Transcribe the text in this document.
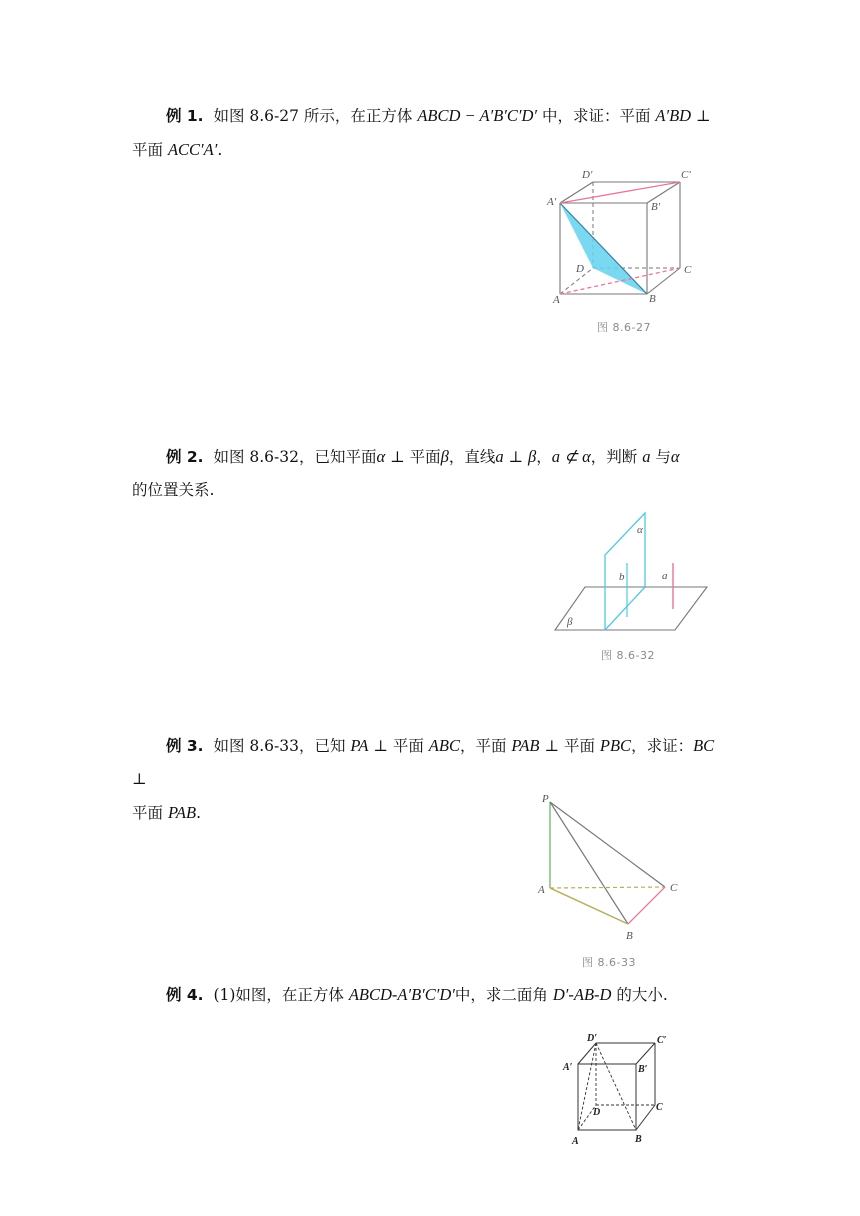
例 1. 如图 8.6-27 所示，在正方体 ABCD − A′B′C′D′ 中，求证：平面 A′BD ⊥
平面 ACC′A′.
D′	C′
A′	B′
D	C
A	B
图 8.6-27
例 2. 如图 8.6-32，已知平面α ⊥ 平面β，直线a ⊥ β，a ⊄ α，判断 a 与α
的位置关系.
α
β
a
b
图 8.6-32
例 3. 如图 8.6-33，已知 PA ⊥ 平面 ABC，平面 PAB ⊥ 平面 PBC，求证：BC ⊥
平面 PAB.
P
A	C
B
图 8.6-33
例 4. (1)如图，在正方体 ABCD-A′B′C′D′中，求二面角 D′-AB-D 的大小.
D′	C′
A′	B′
D	C
A	B
